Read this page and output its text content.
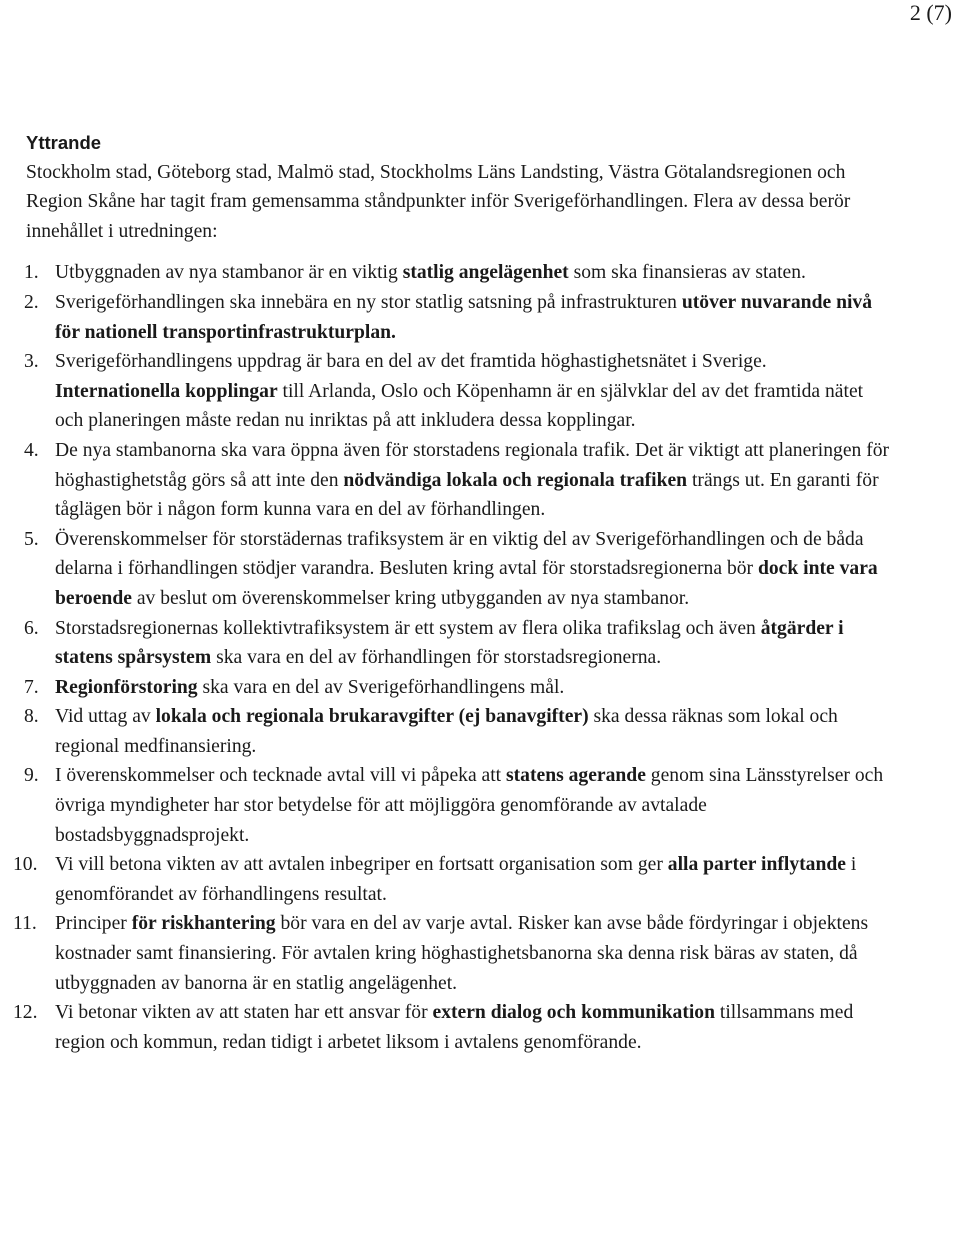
2 (7)
Yttrande

Stockholm stad, Göteborg stad, Malmö stad, Stockholms Läns Landsting, Västra Götalandsregionen och Region Skåne har tagit fram gemensamma ståndpunkter inför Sverigeförhandlingen. Flera av dessa berör innehållet i utredningen:

1. Utbyggnaden av nya stambanor är en viktig statlig angelägenhet som ska finansieras av staten.
2. Sverigeförhandlingen ska innebära en ny stor statlig satsning på infrastrukturen utöver nuvarande nivå för nationell transportinfrastrukturplan.
3. Sverigeförhandlingens uppdrag är bara en del av det framtida höghastighetsnätet i Sverige. Internationella kopplingar till Arlanda, Oslo och Köpenhamn är en självklar del av det framtida nätet och planeringen måste redan nu inriktas på att inkludera dessa kopplingar.
4. De nya stambanorna ska vara öppna även för storstadens regionala trafik. Det är viktigt att planeringen för höghastighetståg görs så att inte den nödvändiga lokala och regionala trafiken trängs ut. En garanti för tåglägen bör i någon form kunna vara en del av förhandlingen.
5. Överenskommelser för storstädernas trafiksystem är en viktig del av Sverigeförhandlingen och de båda delarna i förhandlingen stödjer varandra. Besluten kring avtal för storstadsregionerna bör dock inte vara beroende av beslut om överenskommelser kring utbygganden av nya stambanor.
6. Storstadsregionernas kollektivtrafiksystem är ett system av flera olika trafikslag och även åtgärder i statens spårsystem ska vara en del av förhandlingen för storstadsregionerna.
7. Regionförstoring ska vara en del av Sverigeförhandlingens mål.
8. Vid uttag av lokala och regionala brukaravgifter (ej banavgifter) ska dessa räknas som lokal och regional medfinansiering.
9. I överenskommelser och tecknade avtal vill vi påpeka att statens agerande genom sina Länsstyrelser och övriga myndigheter har stor betydelse för att möjliggöra genomförande av avtalade bostadsbyggnadsprojekt.
10. Vi vill betona vikten av att avtalen inbegriper en fortsatt organisation som ger alla parter inflytande i genomförandet av förhandlingens resultat.
11. Principer för riskhantering bör vara en del av varje avtal. Risker kan avse både fördyringar i objektens kostnader samt finansiering. För avtalen kring höghastighetsbanorna ska denna risk bäras av staten, då utbyggnaden av banorna är en statlig angelägenhet.
12. Vi betonar vikten av att staten har ett ansvar för extern dialog och kommunikation tillsammans med region och kommun, redan tidigt i arbetet liksom i avtalens genomförande.
